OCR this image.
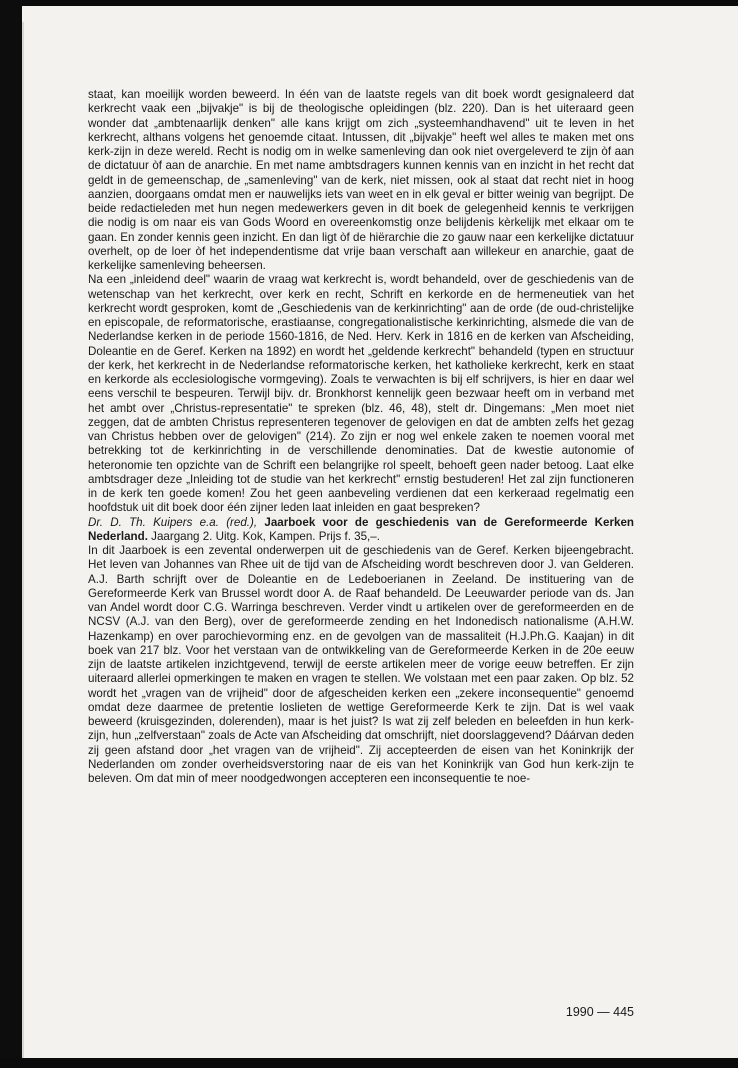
staat, kan moeilijk worden beweerd. In één van de laatste regels van dit boek wordt gesignaleerd dat kerkrecht vaak een „bijvakje" is bij de theologische opleidingen (blz. 220). Dan is het uiteraard geen wonder dat „ambtenaarlijk denken" alle kans krijgt om zich „systeemhandhavend" uit te leven in het kerkrecht, althans volgens het genoemde citaat. Intussen, dit „bijvakje" heeft wel alles te maken met ons kerk-zijn in deze wereld. Recht is nodig om in welke samenleving dan ook niet overgeleverd te zijn òf aan de dictatuur òf aan de anarchie. En met name ambtsdragers kunnen kennis van en inzicht in het recht dat geldt in de gemeenschap, de „samenleving" van de kerk, niet missen, ook al staat dat recht niet in hoog aanzien, doorgaans omdat men er nauwelijks iets van weet en in elk geval er bitter weinig van begrijpt. De beide redactieleden met hun negen medewerkers geven in dit boek de gelegenheid kennis te verkrijgen die nodig is om naar eis van Gods Woord en overeenkomstig onze belijdenis kèrkelijk met elkaar om te gaan. En zonder kennis geen inzicht. En dan ligt òf de hiërarchie die zo gauw naar een kerkelijke dictatuur overhelt, op de loer òf het independentisme dat vrije baan verschaft aan willekeur en anarchie, gaat de kerkelijke samenleving beheersen.

Na een „inleidend deel" waarin de vraag wat kerkrecht is, wordt behandeld, over de geschiedenis van de wetenschap van het kerkrecht, over kerk en recht, Schrift en kerkorde en de hermeneutiek van het kerkrecht wordt gesproken, komt de „Geschiedenis van de kerkinrichting" aan de orde (de oud-christelijke en episcopale, de reformatorische, erastiaanse, congregationalistische kerkinrichting, alsmede die van de Nederlandse kerken in de periode 1560-1816, de Ned. Herv. Kerk in 1816 en de kerken van Afscheiding, Doleantie en de Geref. Kerken na 1892) en wordt het „geldende kerkrecht" behandeld (typen en structuur der kerk, het kerkrecht in de Nederlandse reformatorische kerken, het katholieke kerkrecht, kerk en staat en kerkorde als ecclesiologische vormgeving). Zoals te verwachten is bij elf schrijvers, is hier en daar wel eens verschil te bespeuren. Terwijl bijv. dr. Bronkhorst kennelijk geen bezwaar heeft om in verband met het ambt over „Christus-representatie" te spreken (blz. 46, 48), stelt dr. Dingemans: „Men moet niet zeggen, dat de ambten Christus representeren tegenover de gelovigen en dat de ambten zelfs het gezag van Christus hebben over de gelovigen" (214). Zo zijn er nog wel enkele zaken te noemen vooral met betrekking tot de kerkinrichting in de verschillende denominaties. Dat de kwestie autonomie of heteronomie ten opzichte van de Schrift een belangrijke rol speelt, behoeft geen nader betoog. Laat elke ambtsdrager deze „Inleiding tot de studie van het kerkrecht" ernstig bestuderen! Het zal zijn functioneren in de kerk ten goede komen! Zou het geen aanbeveling verdienen dat een kerkeraad regelmatig een hoofdstuk uit dit boek door één zijner leden laat inleiden en gaat bespreken?

Dr. D. Th. Kuipers e.a. (red.), Jaarboek voor de geschiedenis van de Gereformeerde Kerken Nederland. Jaargang 2. Uitg. Kok, Kampen. Prijs f. 35,–.

In dit Jaarboek is een zevental onderwerpen uit de geschiedenis van de Geref. Kerken bijeengebracht. Het leven van Johannes van Rhee uit de tijd van de Afscheiding wordt beschreven door J. van Gelderen. A.J. Barth schrijft over de Doleantie en de Ledeboerianen in Zeeland. De instituering van de Gereformeerde Kerk van Brussel wordt door A. de Raaf behandeld. De Leeuwarder periode van ds. Jan van Andel wordt door C.G. Warringa beschreven. Verder vindt u artikelen over de gereformeerden en de NCSV (A.J. van den Berg), over de gereformeerde zending en het Indonedisch nationalisme (A.H.W. Hazenkamp) en over parochievorming enz. en de gevolgen van de massaliteit (H.J.Ph.G. Kaajan) in dit boek van 217 blz. Voor het verstaan van de ontwikkeling van de Gereformeerde Kerken in de 20e eeuw zijn de laatste artikelen inzichtgevend, terwijl de eerste artikelen meer de vorige eeuw betreffen. Er zijn uiteraard allerlei opmerkingen te maken en vragen te stellen. We volstaan met een paar zaken. Op blz. 52 wordt het „vragen van de vrijheid" door de afgescheiden kerken een „zekere inconsequentie" genoemd omdat deze daarmee de pretentie loslieten de wettige Gereformeerde Kerk te zijn. Dat is wel vaak beweerd (kruisgezinden, dolerenden), maar is het juist? Is wat zij zelf beleden en beleefden in hun kerk-zijn, hun „zelfverstaan" zoals de Acte van Afscheiding dat omschrijft, niet doorslaggevend? Dáárvan deden zij geen afstand door „het vragen van de vrijheid". Zij accepteerden de eisen van het Koninkrijk der Nederlanden om zonder overheidsverstoring naar de eis van het Koninkrijk van God hun kerk-zijn te beleven. Om dat min of meer noodgedwongen accepteren een inconsequentie te noe-

1990 — 445
